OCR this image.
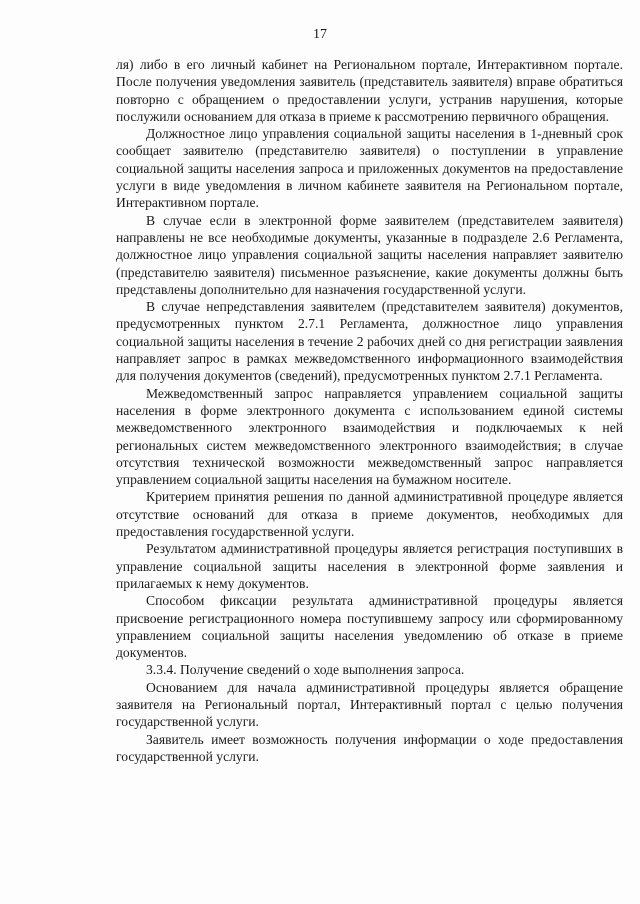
17

ля) либо в его личный кабинет на Региональном портале, Интерактивном портале. После получения уведомления заявитель (представитель заявителя) вправе обратиться повторно с обращением о предоставлении услуги, устранив нарушения, которые послужили основанием для отказа в приеме к рассмотрению первичного обращения.

Должностное лицо управления социальной защиты населения в 1-дневный срок сообщает заявителю (представителю заявителя) о поступлении в управление социальной защиты населения запроса и приложенных документов на предоставление услуги в виде уведомления в личном кабинете заявителя на Региональном портале, Интерактивном портале.

В случае если в электронной форме заявителем (представителем заявителя) направлены не все необходимые документы, указанные в подразделе 2.6 Регламента, должностное лицо управления социальной защиты населения направляет заявителю (представителю заявителя) письменное разъяснение, какие документы должны быть представлены дополнительно для назначения государственной услуги.

В случае непредставления заявителем (представителем заявителя) документов, предусмотренных пунктом 2.7.1 Регламента, должностное лицо управления социальной защиты населения в течение 2 рабочих дней со дня регистрации заявления направляет запрос в рамках межведомственного информационного взаимодействия для получения документов (сведений), предусмотренных пунктом 2.7.1 Регламента.

Межведомственный запрос направляется управлением социальной защиты населения в форме электронного документа с использованием единой системы межведомственного электронного взаимодействия и подключаемых к ней региональных систем межведомственного электронного взаимодействия; в случае отсутствия технической возможности межведомственный запрос направляется управлением социальной защиты населения на бумажном носителе.

Критерием принятия решения по данной административной процедуре является отсутствие оснований для отказа в приеме документов, необходимых для предоставления государственной услуги.

Результатом административной процедуры является регистрация поступивших в управление социальной защиты населения в электронной форме заявления и прилагаемых к нему документов.

Способом фиксации результата административной процедуры является присвоение регистрационного номера поступившему запросу или сформированному управлением социальной защиты населения уведомлению об отказе в приеме документов.

3.3.4. Получение сведений о ходе выполнения запроса.

Основанием для начала административной процедуры является обращение заявителя на Региональный портал, Интерактивный портал с целью получения государственной услуги.

Заявитель имеет возможность получения информации о ходе предоставления государственной услуги.
